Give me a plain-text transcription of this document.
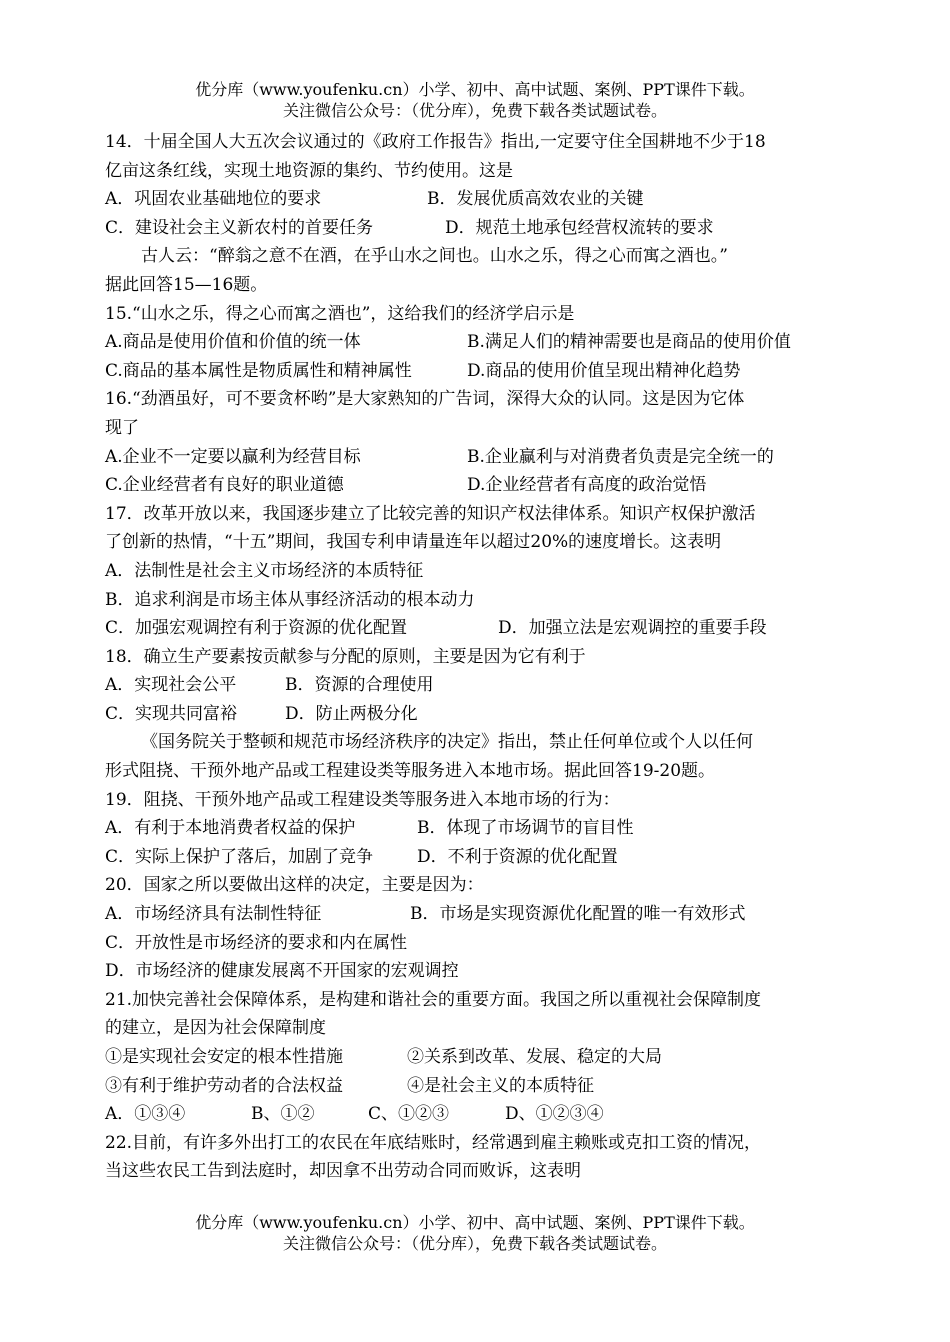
优分库（www.youfenku.cn）小学、初中、高中试题、案例、PPT课件下载。
关注微信公众号：（优分库），免费下载各类试题试卷。
14．十届全国人大五次会议通过的《政府工作报告》指出,一定要守住全国耕地不少于18
亿亩这条红线，实现土地资源的集约、节约使用。这是
A．巩固农业基础地位的要求	B．发展优质高效农业的关键
C．建设社会主义新农村的首要任务	D．规范土地承包经营权流转的要求
古人云：“醉翁之意不在酒，在乎山水之间也。山水之乐，得之心而寓之酒也。”
据此回答15—16题。
15.“山水之乐，得之心而寓之酒也”，这给我们的经济学启示是
A.商品是使用价值和价值的统一体	B.满足人们的精神需要也是商品的使用价值
C.商品的基本属性是物质属性和精神属性	D.商品的使用价值呈现出精神化趋势
16.“劲酒虽好，可不要贪杯哟”是大家熟知的广告词，深得大众的认同。这是因为它体
现了
A.企业不一定要以赢利为经营目标	B.企业赢利与对消费者负责是完全统一的
C.企业经营者有良好的职业道德	D.企业经营者有高度的政治觉悟
17．改革开放以来，我国逐步建立了比较完善的知识产权法律体系。知识产权保护激活
了创新的热情，“十五”期间，我国专利申请量连年以超过20%的速度增长。这表明
A．法制性是社会主义市场经济的本质特征
B．追求利润是市场主体从事经济活动的根本动力
C．加强宏观调控有利于资源的优化配置	D．加强立法是宏观调控的重要手段
18．确立生产要素按贡献参与分配的原则，主要是因为它有利于
A．实现社会公平	B．资源的合理使用
C．实现共同富裕	D．防止两极分化
《国务院关于整顿和规范市场经济秩序的决定》指出，禁止任何单位或个人以任何
形式阻挠、干预外地产品或工程建设类等服务进入本地市场。据此回答19-20题。
19．阻挠、干预外地产品或工程建设类等服务进入本地市场的行为：
A．有利于本地消费者权益的保护	B．体现了市场调节的盲目性
C．实际上保护了落后，加剧了竞争	D．不利于资源的优化配置
20．国家之所以要做出这样的决定，主要是因为：
A．市场经济具有法制性特征	B．市场是实现资源优化配置的唯一有效形式
C．开放性是市场经济的要求和内在属性
D．市场经济的健康发展离不开国家的宏观调控
21.加快完善社会保障体系，是构建和谐社会的重要方面。我国之所以重视社会保障制度
的建立，是因为社会保障制度
①是实现社会安定的根本性措施	②关系到改革、发展、稳定的大局
③有利于维护劳动者的合法权益	④是社会主义的本质特征
A．①③④	B、①②	C、①②③	D、①②③④
22.目前，有许多外出打工的农民在年底结账时，经常遇到雇主赖账或克扣工资的情况，
当这些农民工告到法庭时，却因拿不出劳动合同而败诉，这表明
优分库（www.youfenku.cn）小学、初中、高中试题、案例、PPT课件下载。
关注微信公众号：（优分库），免费下载各类试题试卷。
